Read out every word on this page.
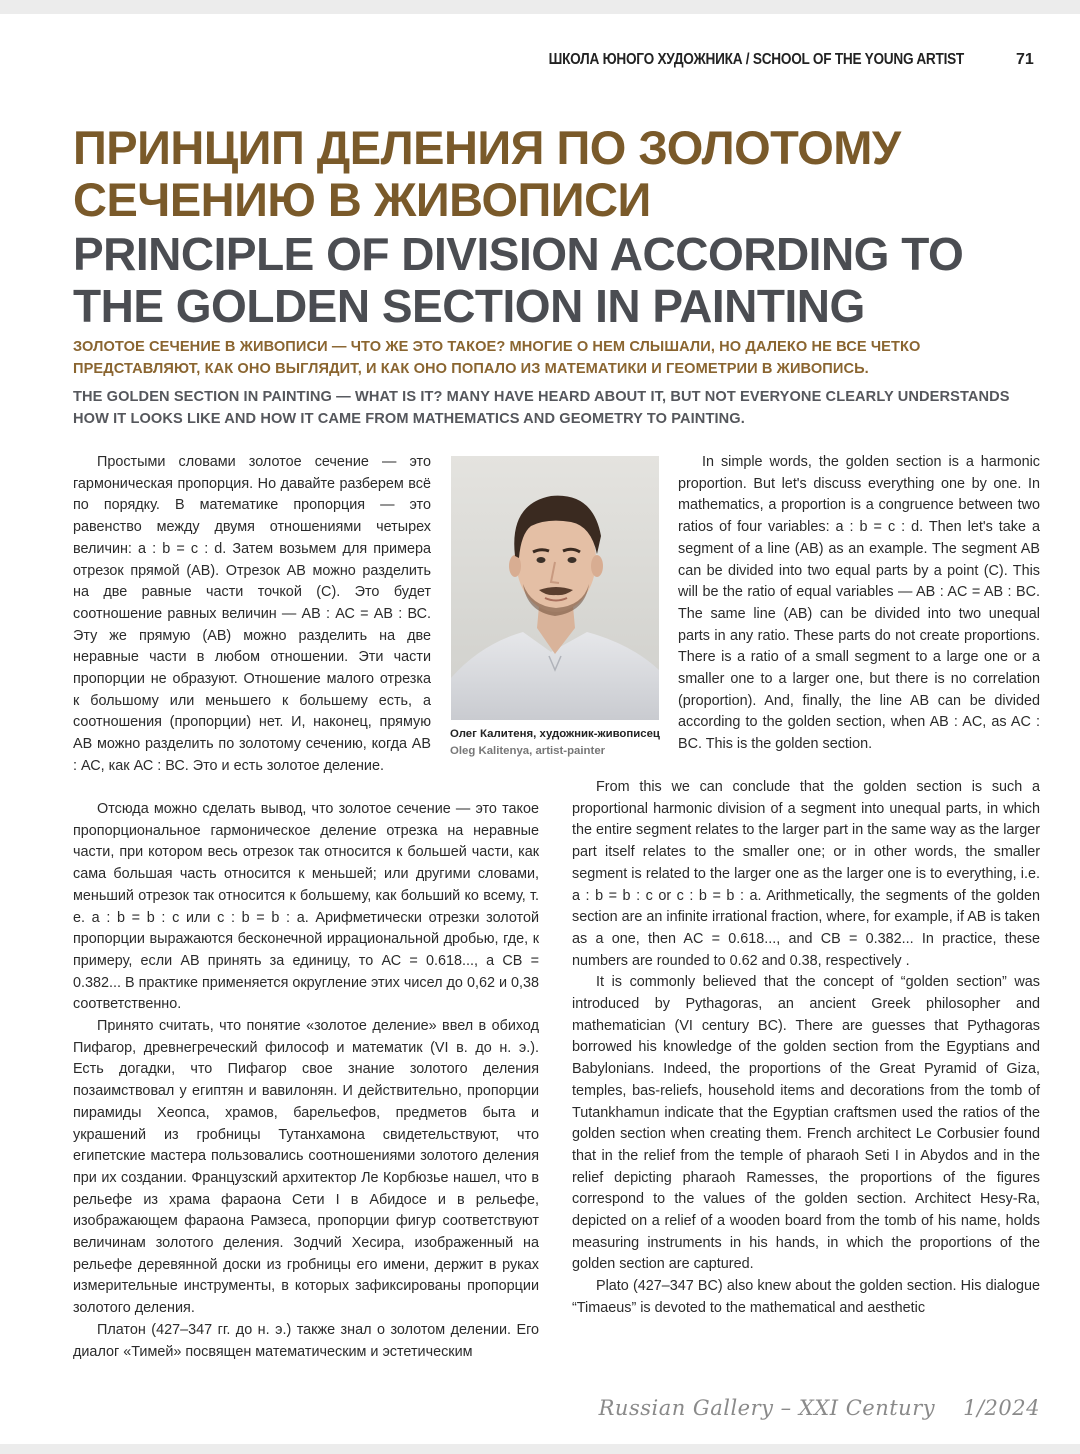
ШКОЛА ЮНОГО ХУДОЖНИКА / SCHOOL OF THE YOUNG ARTIST	71
ПРИНЦИП ДЕЛЕНИЯ ПО ЗОЛОТОМУ СЕЧЕНИЮ В ЖИВОПИСИ
PRINCIPLE OF DIVISION ACCORDING TO THE GOLDEN SECTION IN PAINTING

ЗОЛОТОЕ СЕЧЕНИЕ В ЖИВОПИСИ — ЧТО ЖЕ ЭТО ТАКОЕ? МНОГИЕ О НЕМ СЛЫШАЛИ, НО ДАЛЕКО НЕ ВСЕ ЧЕТКО ПРЕДСТАВЛЯЮТ, КАК ОНО ВЫГЛЯДИТ, И КАК ОНО ПОПАЛО ИЗ МАТЕМАТИКИ И ГЕОМЕТРИИ В ЖИВОПИСЬ.

THE GOLDEN SECTION IN PAINTING — WHAT IS IT? MANY HAVE HEARD ABOUT IT, BUT NOT EVERYONE CLEARLY UNDERSTANDS HOW IT LOOKS LIKE AND HOW IT CAME FROM MATHEMATICS AND GEOMETRY TO PAINTING.

Простыми словами золотое сечение — это гармоническая пропорция. Но давайте разберем всё по порядку. В математике пропорция — это равенство между двумя отношениями четырех величин: a : b = c : d. Затем возьмем для примера отрезок прямой (АВ). Отрезок АВ можно разделить на две равные части точкой (С). Это будет соотношение равных величин — АВ : АС = АВ : ВС. Эту же прямую (АВ) можно разделить на две неравные части в любом отношении. Эти части пропорции не образуют. Отношение малого отрезка к большому или меньшего к большему есть, а соотношения (пропорции) нет. И, наконец, прямую АВ можно разделить по золотому сечению, когда АВ : АС, как АС : ВС. Это и есть золотое деление.

Олег Калитеня, художник-живописец

Oleg Kalitenya, artist-painter

In simple words, the golden section is a harmonic proportion. But let's discuss everything one by one. In mathematics, a proportion is a congruence between two ratios of four variables: a : b = c : d. Then let's take a segment of a line (AB) as an example. The segment AB can be divided into two equal parts by a point (C). This will be the ratio of equal variables — AB : AC = AB : BC. The same line (AB) can be divided into two unequal parts in any ratio. These parts do not create proportions. There is a ratio of a small segment to a large one or a smaller one to a larger one, but there is no correlation (proportion). And, finally, the line AB can be divided according to the golden section, when AB : AC, as AC : BC. This is the golden section.

Отсюда можно сделать вывод, что золотое сечение — это такое пропорциональное гармоническое деление отрезка на неравные части, при котором весь отрезок так относится к большей части, как сама большая часть относится к меньшей; или другими словами, меньший отрезок так относится к большему, как больший ко всему, т. е. a : b = b : c или c : b = b : a. Арифметически отрезки золотой пропорции выражаются бесконечной иррациональной дробью, где, к примеру, если АВ принять за единицу, то АС = 0.618..., а СВ = 0.382... В практике применяется округление этих чисел до 0,62 и 0,38 соответственно.

Принято считать, что понятие «золотое деление» ввел в обиход Пифагор, древнегреческий философ и математик (VI в. до н. э.). Есть догадки, что Пифагор свое знание золотого деления позаимствовал у египтян и вавилонян. И действительно, пропорции пирамиды Хеопса, храмов, барельефов, предметов быта и украшений из гробницы Тутанхамона свидетельствуют, что египетские мастера пользовались соотношениями золотого деления при их создании. Французский архитектор Ле Корбюзье нашел, что в рельефе из храма фараона Сети I в Абидосе и в рельефе, изображающем фараона Рамзеса, пропорции фигур соответствуют величинам золотого деления. Зодчий Хесира, изображенный на рельефе деревянной доски из гробницы его имени, держит в руках измерительные инструменты, в которых зафиксированы пропорции золотого деления.

Платон (427–347 гг. до н. э.) также знал о золотом делении. Его диалог «Тимей» посвящен математическим и эстетическим

From this we can conclude that the golden section is such a proportional harmonic division of a segment into unequal parts, in which the entire segment relates to the larger part in the same way as the larger part itself relates to the smaller one; or in other words, the smaller segment is related to the larger one as the larger one is to everything, i.e. a : b = b : c or c : b = b : a. Arithmetically, the segments of the golden section are an infinite irrational fraction, where, for example, if AB is taken as a one, then AC = 0.618..., and CB = 0.382... In practice, these numbers are rounded to 0.62 and 0.38, respectively .

It is commonly believed that the concept of “golden section” was introduced by Pythagoras, an ancient Greek philosopher and mathematician (VI century BC). There are guesses that Pythagoras borrowed his knowledge of the golden section from the Egyptians and Babylonians. Indeed, the proportions of the Great Pyramid of Giza, temples, bas-reliefs, household items and decorations from the tomb of Tutankhamun indicate that the Egyptian craftsmen used the ratios of the golden section when creating them. French architect Le Corbusier found that in the relief from the temple of pharaoh Seti I in Abydos and in the relief depicting pharaoh Ramesses, the proportions of the figures correspond to the values of the golden section. Architect Hesy-Ra, depicted on a relief of a wooden board from the tomb of his name, holds measuring instruments in his hands, in which the proportions of the golden section are captured.

Plato (427–347 BC) also knew about the golden section. His dialogue “Timaeus” is devoted to the mathematical and aesthetic

Russian Gallery – XXI Century 1/2024
